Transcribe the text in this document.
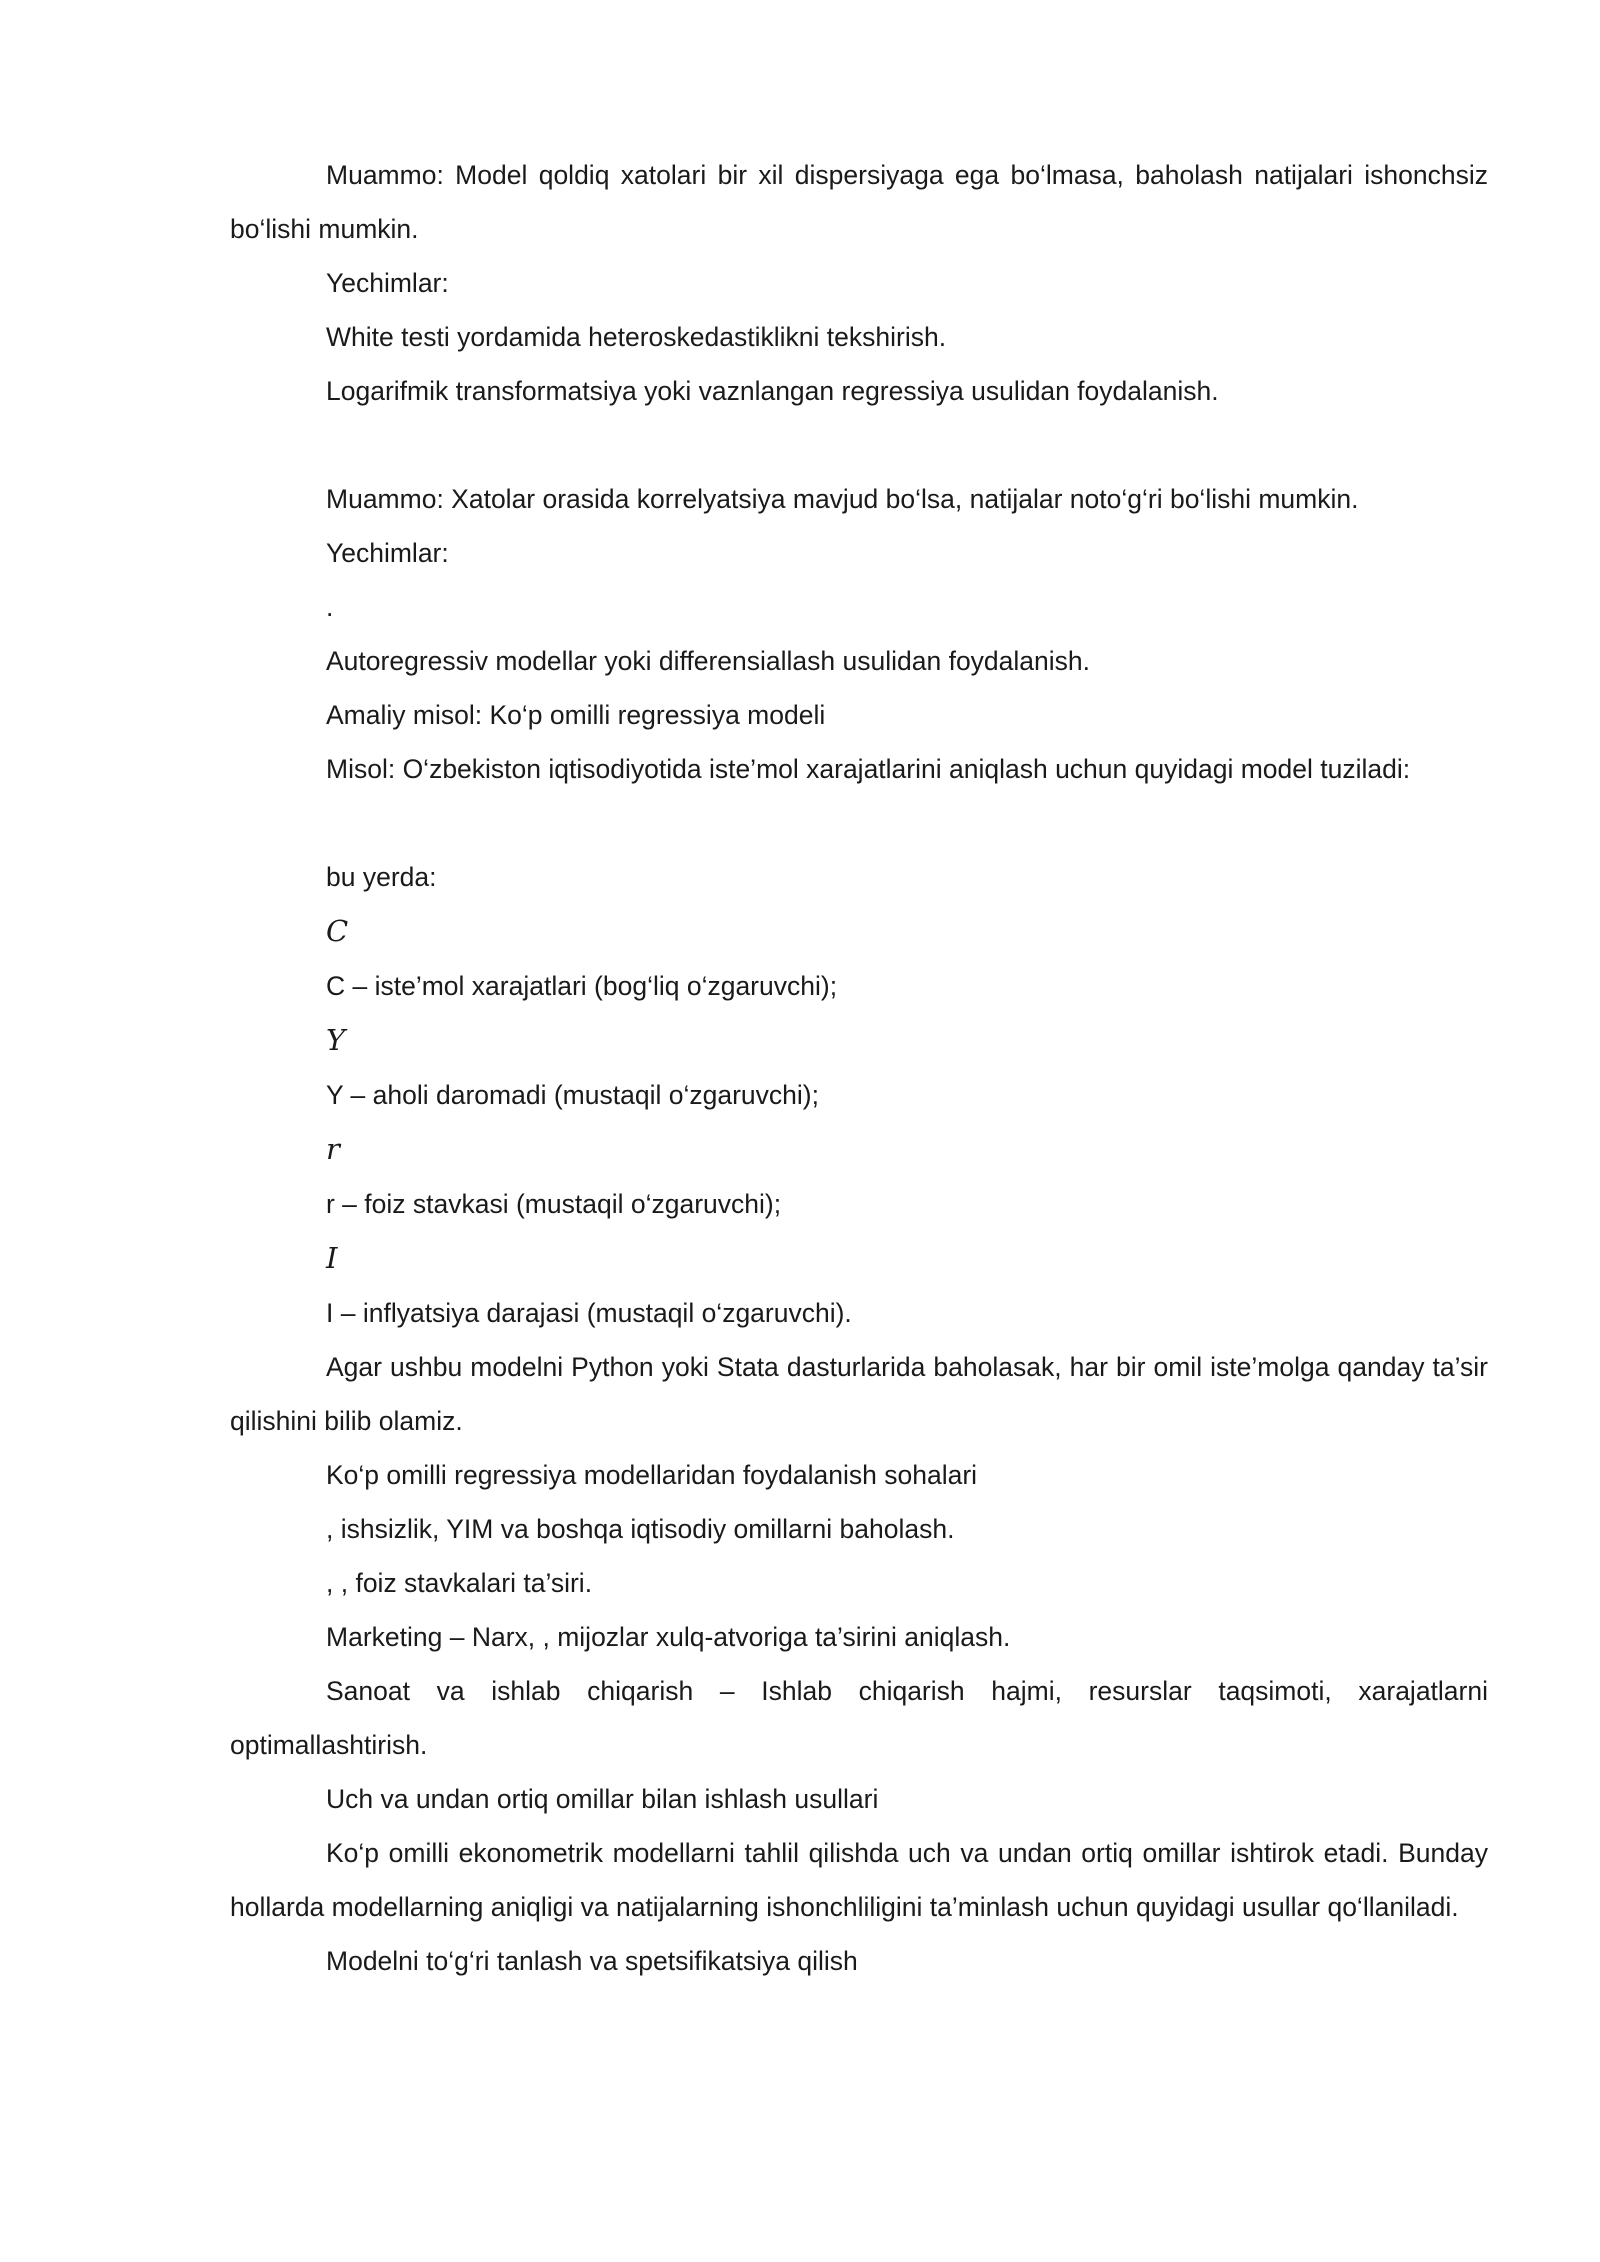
Muammo: Model qoldiq xatolari bir xil dispersiyaga ega bo‘lmasa, baholash natijalari ishonchsiz bo‘lishi mumkin.

Yechimlar:

White testi yordamida heteroskedastiklikni tekshirish.

Logarifmik transformatsiya yoki vaznlangan regressiya usulidan foydalanish.

Muammo: Xatolar orasida korrelyatsiya mavjud bo‘lsa, natijalar noto‘g‘ri bo‘lishi mumkin.

Yechimlar:

.

Autoregressiv modellar yoki differensiallash usulidan foydalanish.

Amaliy misol: Ko‘p omilli regressiya modeli

Misol: O‘zbekiston iqtisodiyotida iste’mol xarajatlarini aniqlash uchun quyidagi model tuziladi:

bu yerda:

C

C – iste’mol xarajatlari (bog‘liq o‘zgaruvchi);

Y

Y – aholi daromadi (mustaqil o‘zgaruvchi);

r

r – foiz stavkasi (mustaqil o‘zgaruvchi);

I

I – inflyatsiya darajasi (mustaqil o‘zgaruvchi).

Agar ushbu modelni Python yoki Stata dasturlarida baholasak, har bir omil iste’molga qanday ta’sir qilishini bilib olamiz.

Ko‘p omilli regressiya modellaridan foydalanish sohalari

, ishsizlik, YIM va boshqa iqtisodiy omillarni baholash.

, , foiz stavkalari ta’siri.

Marketing – Narx, , mijozlar xulq-atvoriga ta’sirini aniqlash.

Sanoat va ishlab chiqarish – Ishlab chiqarish hajmi, resurslar taqsimoti, xarajatlarni optimallashtirish.

Uch va undan ortiq omillar bilan ishlash usullari

Ko‘p omilli ekonometrik modellarni tahlil qilishda uch va undan ortiq omillar ishtirok etadi. Bunday hollarda modellarning aniqligi va natijalarning ishonchliligini ta’minlash uchun quyidagi usullar qo‘llaniladi.

Modelni to‘g‘ri tanlash va spetsifikatsiya qilish
